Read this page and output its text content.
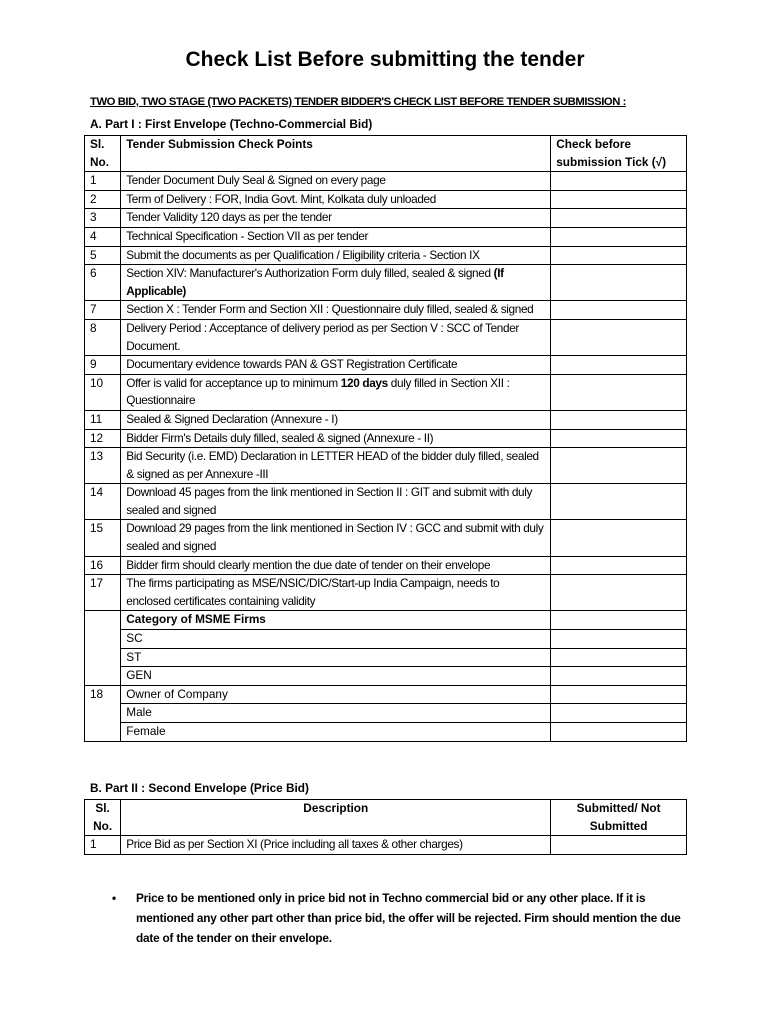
Check List Before submitting the tender
TWO BID, TWO STAGE (TWO PACKETS) TENDER BIDDER'S CHECK LIST BEFORE TENDER SUBMISSION :
A. Part I : First Envelope (Techno-Commercial Bid)
Sl.
No.	Tender Submission Check Points	Check before
submission Tick (√)
1	Tender Document Duly Seal & Signed on every page	
2	Term of Delivery : FOR, India Govt. Mint, Kolkata duly unloaded	
3	Tender Validity 120 days as per the tender	
4	Technical Specification - Section VII as per tender	
5	Submit the documents as per Qualification / Eligibility criteria - Section IX	
6	Section XIV: Manufacturer's Authorization Form duly filled, sealed & signed (If Applicable)	
7	Section X : Tender Form and Section XII : Questionnaire duly filled, sealed & signed	
8	Delivery Period : Acceptance of delivery period as per Section V : SCC of Tender Document.	
9	Documentary evidence towards PAN & GST Registration Certificate	
10	Offer is valid for acceptance up to minimum 120 days duly filled in Section XII : Questionnaire	
11	Sealed & Signed Declaration (Annexure - I)	
12	Bidder Firm's Details duly filled, sealed & signed (Annexure - II)	
13	Bid Security (i.e. EMD) Declaration in LETTER HEAD of the bidder duly filled, sealed & signed as per Annexure -III	
14	Download 45 pages from the link mentioned in Section II : GIT and submit with duly sealed and signed	
15	Download 29 pages from the link mentioned in Section IV : GCC and submit with duly sealed and signed	
16	Bidder firm should clearly mention the due date of tender on their envelope	
17	The firms participating as MSE/NSIC/DIC/Start-up India Campaign, needs to enclosed certificates containing validity	
	Category of MSME Firms	
	SC	
	ST	
	GEN	
18	Owner of Company	
	Male	
	Female	
B. Part II : Second Envelope (Price Bid)
Sl.
No.	Description	Submitted/ Not
Submitted
1	Price Bid as per Section XI (Price including all taxes & other charges)	
• Price to be mentioned only in price bid not in Techno commercial bid or any other place. If it is mentioned any other part other than price bid, the offer will be rejected. Firm should mention the due date of the tender on their envelope.
